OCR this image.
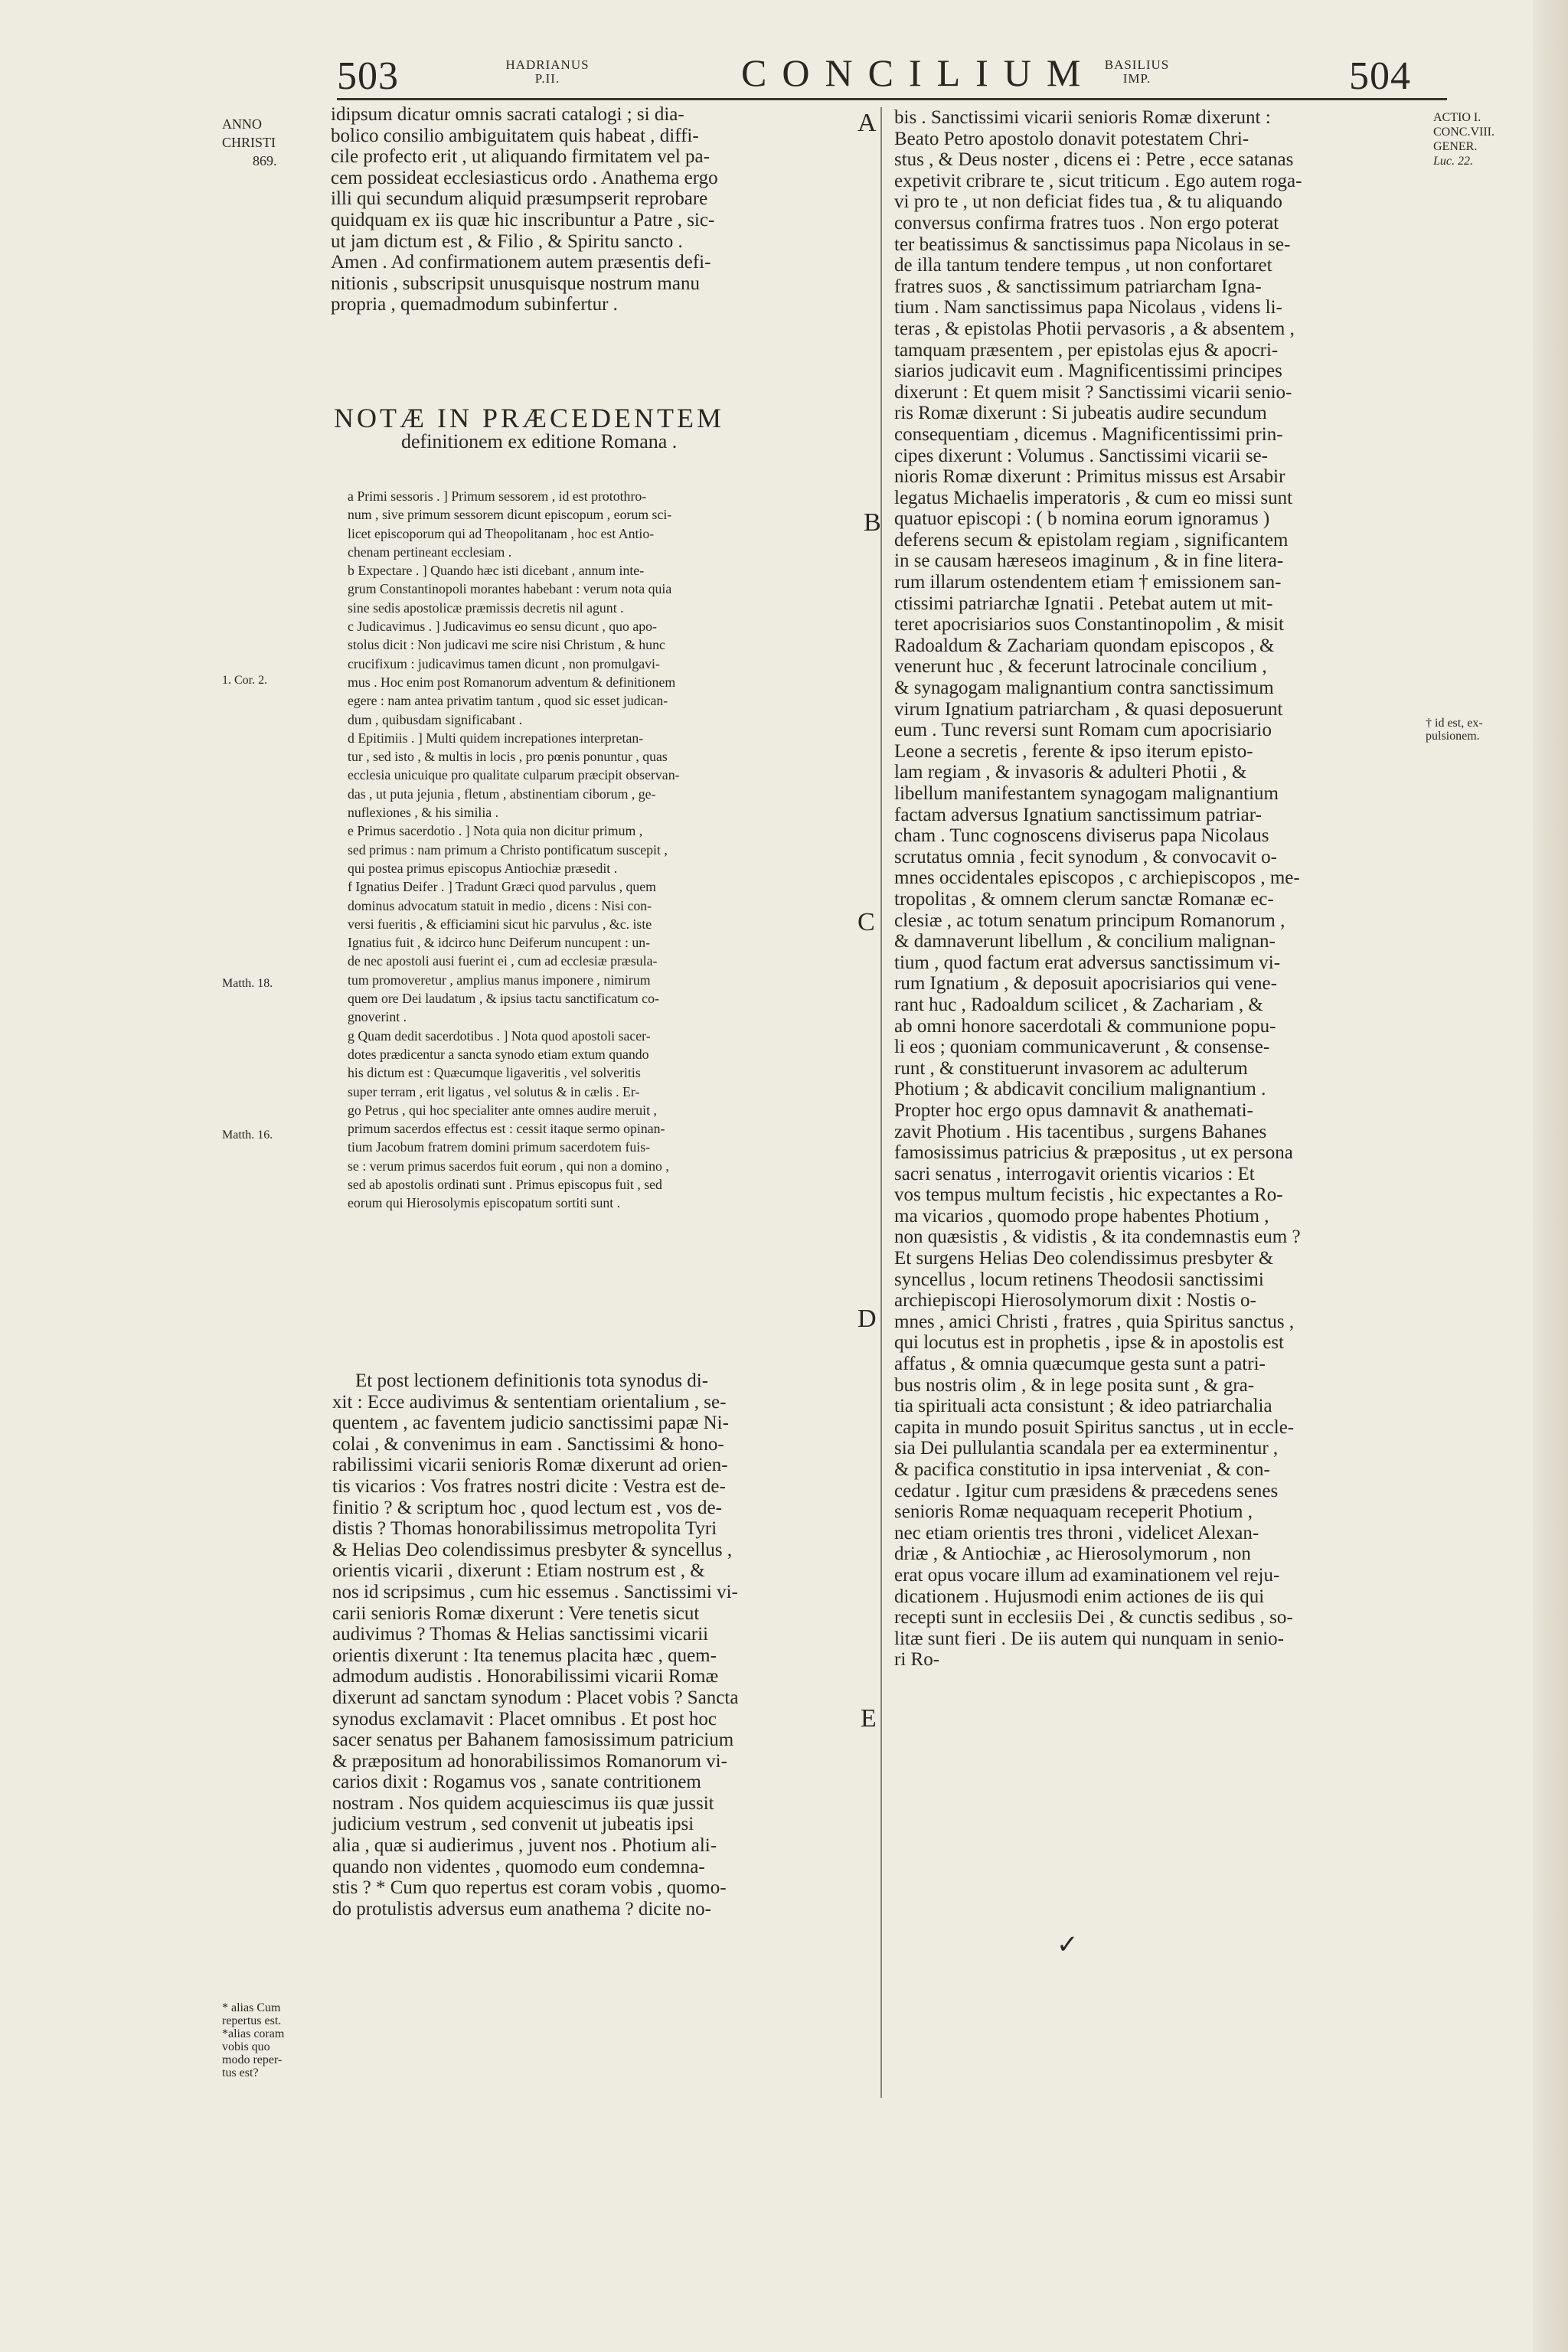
503	HADRIANUS
P.II.	CONCILIUM BASILIUS
IMP.	504
A
B
C
D
E
ANNO
CHRISTI
869.
1. Cor. 2.
Matth. 18.
Matth. 16.
* alias Cum
repertus est.
*alias coram
vobis quo
modo reper-
tus est?
ACTIO I.
CONC.VIII.
GENER.
Luc. 22.
† id est, ex-
pulsionem.
idipsum dicatur omnis sacrati catalogi ; si dia-
bolico consilio ambiguitatem quis habeat , diffi-
cile profecto erit , ut aliquando firmitatem vel pa-
cem possideat ecclesiasticus ordo . Anathema ergo
illi qui secundum aliquid præsumpserit reprobare
quidquam ex iis quæ hic inscribuntur a Patre , sic-
ut jam dictum est , & Filio , & Spiritu sancto .
Amen . Ad confirmationem autem præsentis defi-
nitionis , subscripsit unusquisque nostrum manu
propria , quemadmodum subinfertur .
NOTÆ IN PRÆCEDENTEM
definitionem ex editione Romana .
a Primi sessoris . ] Primum sessorem , id est protothro-
num , sive primum sessorem dicunt episcopum , eorum sci-
licet episcoporum qui ad Theopolitanam , hoc est Antio-
chenam pertineant ecclesiam .
b Expectare . ] Quando hæc isti dicebant , annum inte-
grum Constantinopoli morantes habebant : verum nota quia
sine sedis apostolicæ præmissis decretis nil agunt .
c Judicavimus . ] Judicavimus eo sensu dicunt , quo apo-
stolus dicit : Non judicavi me scire nisi Christum , & hunc
crucifixum : judicavimus tamen dicunt , non promulgavi-
mus . Hoc enim post Romanorum adventum & definitionem
egere : nam antea privatim tantum , quod sic esset judican-
dum , quibusdam significabant .
d Epitimiis . ] Multi quidem increpationes interpretan-
tur , sed isto , & multis in locis , pro pœnis ponuntur , quas
ecclesia unicuique pro qualitate culparum præcipit observan-
das , ut puta jejunia , fletum , abstinentiam ciborum , ge-
nuflexiones , & his similia .
e Primus sacerdotio . ] Nota quia non dicitur primum ,
sed primus : nam primum a Christo pontificatum suscepit ,
qui postea primus episcopus Antiochiæ præsedit .
f Ignatius Deifer . ] Tradunt Græci quod parvulus , quem
dominus advocatum statuit in medio , dicens : Nisi con-
versi fueritis , & efficiamini sicut hic parvulus , &c. iste
Ignatius fuit , & idcirco hunc Deiferum nuncupent : un-
de nec apostoli ausi fuerint ei , cum ad ecclesiæ præsula-
tum promoveretur , amplius manus imponere , nimirum
quem ore Dei laudatum , & ipsius tactu sanctificatum co-
gnoverint .
g Quam dedit sacerdotibus . ] Nota quod apostoli sacer-
dotes prædicentur a sancta synodo etiam extum quando
his dictum est : Quæcumque ligaveritis , vel solveritis
super terram , erit ligatus , vel solutus & in cælis . Er-
go Petrus , qui hoc specialiter ante omnes audire meruit ,
primum sacerdos effectus est : cessit itaque sermo opinan-
tium Jacobum fratrem domini primum sacerdotem fuis-
se : verum primus sacerdos fuit eorum , qui non a domino ,
sed ab apostolis ordinati sunt . Primus episcopus fuit , sed
eorum qui Hierosolymis episcopatum sortiti sunt .
Et post lectionem definitionis tota synodus di-
xit : Ecce audivimus & sententiam orientalium , se-
quentem , ac faventem judicio sanctissimi papæ Ni-
colai , & convenimus in eam . Sanctissimi & hono-
rabilissimi vicarii senioris Romæ dixerunt ad orien-
tis vicarios : Vos fratres nostri dicite : Vestra est de-
finitio ? & scriptum hoc , quod lectum est , vos de-
distis ? Thomas honorabilissimus metropolita Tyri
& Helias Deo colendissimus presbyter & syncellus ,
orientis vicarii , dixerunt : Etiam nostrum est , &
nos id scripsimus , cum hic essemus . Sanctissimi vi-
carii senioris Romæ dixerunt : Vere tenetis sicut
audivimus ? Thomas & Helias sanctissimi vicarii
orientis dixerunt : Ita tenemus placita hæc , quem-
admodum audistis . Honorabilissimi vicarii Romæ
dixerunt ad sanctam synodum : Placet vobis ? Sancta
synodus exclamavit : Placet omnibus . Et post hoc
sacer senatus per Bahanem famosissimum patricium
& præpositum ad honorabilissimos Romanorum vi-
carios dixit : Rogamus vos , sanate contritionem
nostram . Nos quidem acquiescimus iis quæ jussit
judicium vestrum , sed convenit ut jubeatis ipsi
alia , quæ si audierimus , juvent nos . Photium ali-
quando non videntes , quomodo eum condemna-
stis ? * Cum quo repertus est coram vobis , quomo-
do protulistis adversus eum anathema ? dicite no-
bis . Sanctissimi vicarii senioris Romæ dixerunt :
Beato Petro apostolo donavit potestatem Chri-
stus , & Deus noster , dicens ei : Petre , ecce satanas
expetivit cribrare te , sicut triticum . Ego autem roga-
vi pro te , ut non deficiat fides tua , & tu aliquando
conversus confirma fratres tuos . Non ergo poterat
ter beatissimus & sanctissimus papa Nicolaus in se-
de illa tantum tendere tempus , ut non confortaret
fratres suos , & sanctissimum patriarcham Igna-
tium . Nam sanctissimus papa Nicolaus , videns li-
teras , & epistolas Photii pervasoris , a & absentem ,
tamquam præsentem , per epistolas ejus & apocri-
siarios judicavit eum . Magnificentissimi principes
dixerunt : Et quem misit ? Sanctissimi vicarii senio-
ris Romæ dixerunt : Si jubeatis audire secundum
consequentiam , dicemus . Magnificentissimi prin-
cipes dixerunt : Volumus . Sanctissimi vicarii se-
nioris Romæ dixerunt : Primitus missus est Arsabir
legatus Michaelis imperatoris , & cum eo missi sunt
quatuor episcopi : ( b nomina eorum ignoramus )
deferens secum & epistolam regiam , significantem
in se causam hæreseos imaginum , & in fine litera-
rum illarum ostendentem etiam † emissionem san-
ctissimi patriarchæ Ignatii . Petebat autem ut mit-
teret apocrisiarios suos Constantinopolim , & misit
Radoaldum & Zachariam quondam episcopos , &
venerunt huc , & fecerunt latrocinale concilium ,
& synagogam malignantium contra sanctissimum
virum Ignatium patriarcham , & quasi deposuerunt
eum . Tunc reversi sunt Romam cum apocrisiario
Leone a secretis , ferente & ipso iterum episto-
lam regiam , & invasoris & adulteri Photii , &
libellum manifestantem synagogam malignantium
factam adversus Ignatium sanctissimum patriar-
cham . Tunc cognoscens diviserus papa Nicolaus
scrutatus omnia , fecit synodum , & convocavit o-
mnes occidentales episcopos , c archiepiscopos , me-
tropolitas , & omnem clerum sanctæ Romanæ ec-
clesiæ , ac totum senatum principum Romanorum ,
& damnaverunt libellum , & concilium malignan-
tium , quod factum erat adversus sanctissimum vi-
rum Ignatium , & deposuit apocrisiarios qui vene-
rant huc , Radoaldum scilicet , & Zachariam , &
ab omni honore sacerdotali & communione popu-
li eos ; quoniam communicaverunt , & consense-
runt , & constituerunt invasorem ac adulterum
Photium ; & abdicavit concilium malignantium .
Propter hoc ergo opus damnavit & anathemati-
zavit Photium . His tacentibus , surgens Bahanes
famosissimus patricius & præpositus , ut ex persona
sacri senatus , interrogavit orientis vicarios : Et
vos tempus multum fecistis , hic expectantes a Ro-
ma vicarios , quomodo prope habentes Photium ,
non quæsistis , & vidistis , & ita condemnastis eum ?
Et surgens Helias Deo colendissimus presbyter &
syncellus , locum retinens Theodosii sanctissimi
archiepiscopi Hierosolymorum dixit : Nostis o-
mnes , amici Christi , fratres , quia Spiritus sanctus ,
qui locutus est in prophetis , ipse & in apostolis est
affatus , & omnia quæcumque gesta sunt a patri-
bus nostris olim , & in lege posita sunt , & gra-
tia spirituali acta consistunt ; & ideo patriarchalia
capita in mundo posuit Spiritus sanctus , ut in eccle-
sia Dei pullulantia scandala per ea exterminentur ,
& pacifica constitutio in ipsa interveniat , & con-
cedatur . Igitur cum præsidens & præcedens senes
senioris Romæ nequaquam receperit Photium ,
nec etiam orientis tres throni , videlicet Alexan-
driæ , & Antiochiæ , ac Hierosolymorum , non
erat opus vocare illum ad examinationem vel reju-
dicationem . Hujusmodi enim actiones de iis qui
recepti sunt in ecclesiis Dei , & cunctis sedibus , so-
litæ sunt fieri . De iis autem qui nunquam in senio-
ri Ro-
✓
